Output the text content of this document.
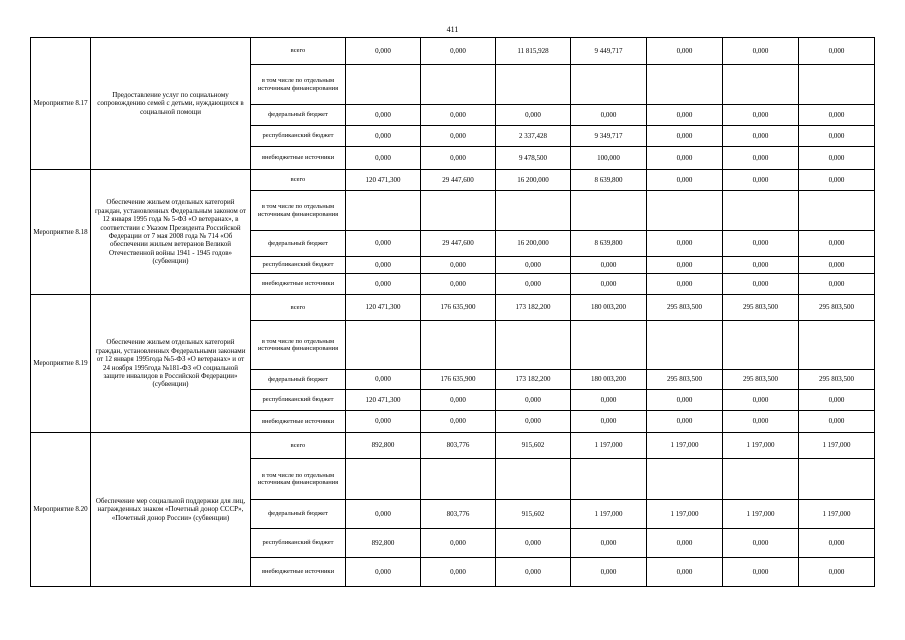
411
Мероприятие 8.17	Предоставление услуг по социальному сопровождению семей с детьми, нуждающихся в социальной помощи	всего	0,000	0,000	11 815,928	9 449,717	0,000	0,000	0,000
		в том числе по отдельным источникам финансирования							
		федеральный бюджет	0,000	0,000	0,000	0,000	0,000	0,000	0,000
		республиканский бюджет	0,000	0,000	2 337,428	9 349,717	0,000	0,000	0,000
		внебюджетные источники	0,000	0,000	9 478,500	100,000	0,000	0,000	0,000
Мероприятие 8.18	Обеспечение жильем отдельных категорий граждан, установленных Федеральным законом от 12 января 1995 года № 5-ФЗ «О ветеранах», в соответствии с Указом Президента Российской Федерации от 7 мая 2008 года № 714 «Об обеспечении жильем ветеранов Великой Отечественной войны 1941 - 1945 годов» (субвенции)	всего	120 471,300	29 447,600	16 200,000	8 639,800	0,000	0,000	0,000
		в том числе по отдельным источникам финансирования							
		федеральный бюджет	0,000	29 447,600	16 200,000	8 639,800	0,000	0,000	0,000
		республиканский бюджет	0,000	0,000	0,000	0,000	0,000	0,000	0,000
		внебюджетные источники	0,000	0,000	0,000	0,000	0,000	0,000	0,000
Мероприятие 8.19	Обеспечение жильем отдельных категорий граждан, установленных Федеральными законами от 12 января 1995года №5-ФЗ «О ветеранах» и от 24 ноября 1995года №181-ФЗ «О социальной защите инвалидов в Российской Федерации» (субвенции)	всего	120 471,300	176 635,900	173 182,200	180 003,200	295 803,500	295 803,500	295 803,500
		в том числе по отдельным источникам финансирования							
		федеральный бюджет	0,000	176 635,900	173 182,200	180 003,200	295 803,500	295 803,500	295 803,500
		республиканский бюджет	120 471,300	0,000	0,000	0,000	0,000	0,000	0,000
		внебюджетные источники	0,000	0,000	0,000	0,000	0,000	0,000	0,000
Мероприятие 8.20	Обеспечение мер социальной поддержки для лиц, награжденных знаком «Почетный донор СССР», «Почетный донор России» (субвенции)	всего	892,800	803,776	915,602	1 197,000	1 197,000	1 197,000	1 197,000
		в том числе по отдельным источникам финансирования							
		федеральный бюджет	0,000	803,776	915,602	1 197,000	1 197,000	1 197,000	1 197,000
		республиканский бюджет	892,800	0,000	0,000	0,000	0,000	0,000	0,000
		внебюджетные источники	0,000	0,000	0,000	0,000	0,000	0,000	0,000
